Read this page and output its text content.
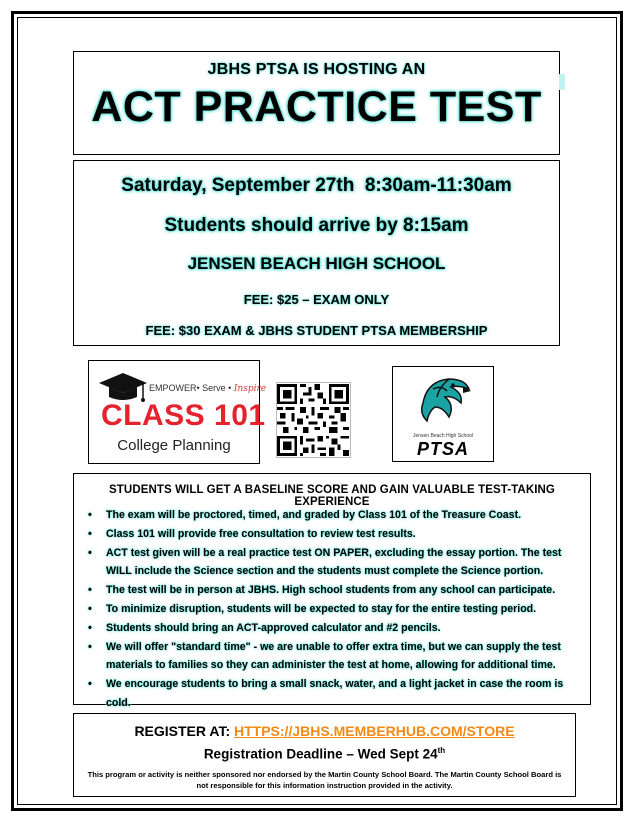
JBHS PTSA IS HOSTING AN
ACT PRACTICE TEST
Saturday, September 27th  8:30am-11:30am
Students should arrive by 8:15am
JENSEN BEACH HIGH SCHOOL
FEE: $25 – EXAM ONLY
FEE: $30 EXAM & JBHS STUDENT PTSA MEMBERSHIP
EMPOWER• Serve • Inspire
CLASS 101
College Planning
Jensen Beach High School
PTSA
STUDENTS WILL GET A BASELINE SCORE AND GAIN VALUABLE TEST-TAKING EXPERIENCE
• The exam will be proctored, timed, and graded by Class 101 of the Treasure Coast.
• Class 101 will provide free consultation to review test results.
• ACT test given will be a real practice test ON PAPER, excluding the essay portion. The test WILL include the Science section and the students must complete the Science portion.
• The test will be in person at JBHS. High school students from any school can participate.
• To minimize disruption, students will be expected to stay for the entire testing period.
• Students should bring an ACT-approved calculator and #2 pencils.
• We will offer "standard time" - we are unable to offer extra time, but we can supply the test materials to families so they can administer the test at home, allowing for additional time.
• We encourage students to bring a small snack, water, and a light jacket in case the room is cold.
REGISTER AT: HTTPS://JBHS.MEMBERHUB.COM/STORE
Registration Deadline – Wed Sept 24th
This program or activity is neither sponsored nor endorsed by the Martin County School Board. The Martin County School Board is not responsible for this information instruction provided in the activity.
